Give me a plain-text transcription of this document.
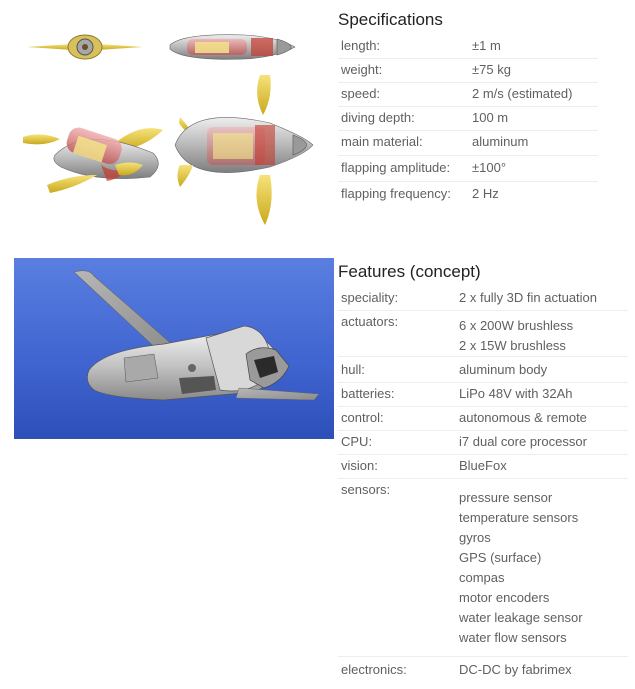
Specifications
length:	±1 m
weight:	±75 kg
speed:	2 m/s (estimated)
diving depth:	100 m
main material:	aluminum
flapping amplitude: ±100°
flapping frequency: 2 Hz
Features (concept)
speciality:	2 x fully 3D fin actuation
actuators:	6 x 200W brushless
2 x 15W brushless
hull:	aluminum body
batteries:	LiPo 48V with 32Ah
control:	autonomous & remote
CPU:	i7 dual core processor
vision:	BlueFox
sensors:
pressure sensor
temperature sensors
gyros
GPS (surface)
compas
motor encoders
water leakage sensor
water flow sensors
electronics:	DC-DC by fabrimex
